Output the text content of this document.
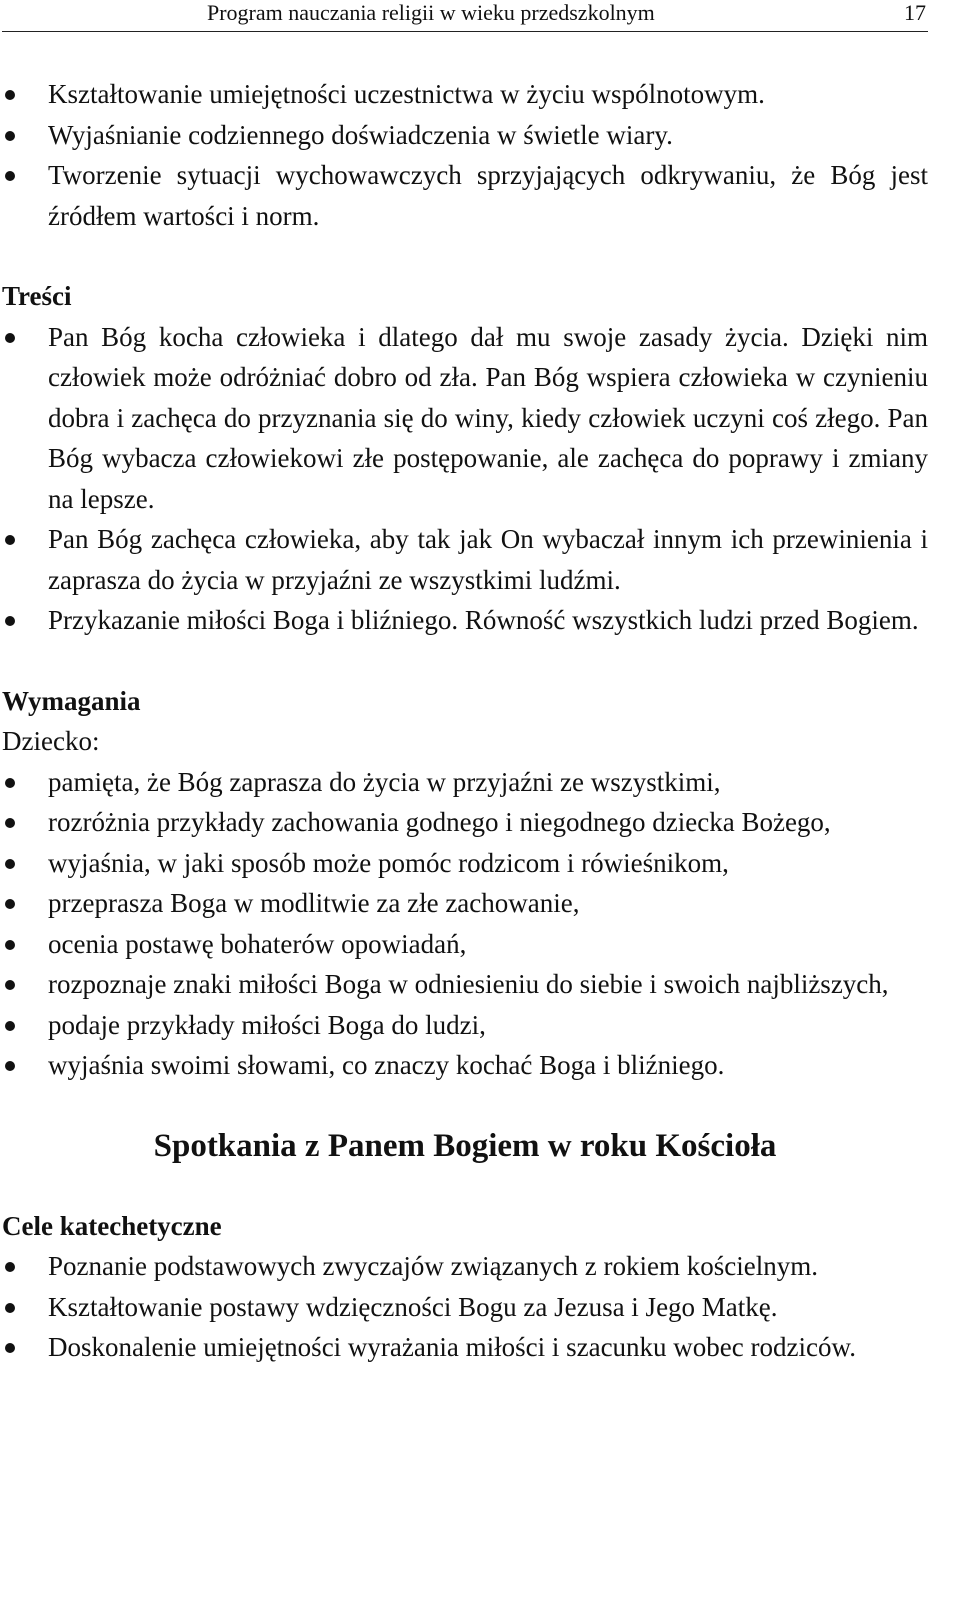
Program nauczania religii w wieku przedszkolnym	17
Kształtowanie umiejętności uczestnictwa w życiu wspólnotowym.
Wyjaśnianie codziennego doświadczenia w świetle wiary.
Tworzenie sytuacji wychowawczych sprzyjających odkrywaniu, że Bóg jest źródłem wartości i norm.
Treści
Pan Bóg kocha człowieka i dlatego dał mu swoje zasady życia. Dzięki nim człowiek może odróżniać dobro od zła. Pan Bóg wspiera człowieka w czynieniu dobra i zachęca do przyznania się do winy, kiedy człowiek uczyni coś złego. Pan Bóg wybacza człowiekowi złe postępowanie, ale zachęca do poprawy i zmiany na lepsze.
Pan Bóg zachęca człowieka, aby tak jak On wybaczał innym ich przewinienia i zaprasza do życia w przyjaźni ze wszystkimi ludźmi.
Przykazanie miłości Boga i bliźniego. Równość wszystkich ludzi przed Bogiem.
Wymagania

Dziecko:

pamięta, że Bóg zaprasza do życia w przyjaźni ze wszystkimi,
rozróżnia przykłady zachowania godnego i niegodnego dziecka Bożego,
wyjaśnia, w jaki sposób może pomóc rodzicom i rówieśnikom,
przeprasza Boga w modlitwie za złe zachowanie,
ocenia postawę bohaterów opowiadań,
rozpoznaje znaki miłości Boga w odniesieniu do siebie i swoich najbliższych,
podaje przykłady miłości Boga do ludzi,
wyjaśnia swoimi słowami, co znaczy kochać Boga i bliźniego.
Spotkania z Panem Bogiem w roku Kościoła
Cele katechetyczne
Poznanie podstawowych zwyczajów związanych z rokiem kościelnym.
Kształtowanie postawy wdzięczności Bogu za Jezusa i Jego Matkę.
Doskonalenie umiejętności wyrażania miłości i szacunku wobec rodziców.
